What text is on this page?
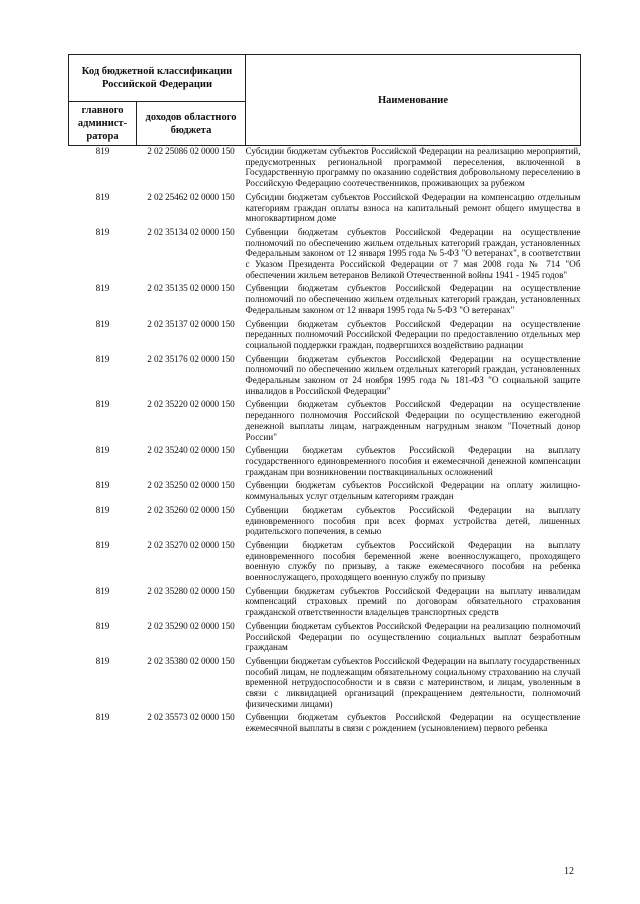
Код бюджетной классификации Российской Федерации		Наименование
главного админист-ратора	доходов областного бюджета	
819	2 02 25086 02 0000 150	Субсидии бюджетам субъектов Российской Федерации на реализацию мероприятий, предусмотренных региональной программой переселения, включенной в Государственную программу по оказанию содействия добровольному переселению в Российскую Федерацию соотечественников, проживающих за рубежом
819	2 02 25462 02 0000 150	Субсидии бюджетам субъектов Российской Федерации на компенсацию отдельным категориям граждан оплаты взноса на капитальный ремонт общего имущества в многоквартирном доме
819	2 02 35134 02 0000 150	Субвенции бюджетам субъектов Российской Федерации на осуществление полномочий по обеспечению жильем отдельных категорий граждан, установленных Федеральным законом от 12 января 1995 года № 5-ФЗ "О ветеранах", в соответствии с Указом Президента Российской Федерации от 7 мая 2008 года № 714 "Об обеспечении жильем ветеранов Великой Отечественной войны 1941 - 1945 годов"
819	2 02 35135 02 0000 150	Субвенции бюджетам субъектов Российской Федерации на осуществление полномочий по обеспечению жильем отдельных категорий граждан, установленных Федеральным законом от 12 января 1995 года № 5-ФЗ "О ветеранах"
819	2 02 35137 02 0000 150	Субвенции бюджетам субъектов Российской Федерации на осуществление переданных полномочий Российской Федерации по предоставлению отдельных мер социальной поддержки граждан, подвергшихся воздействию радиации
819	2 02 35176 02 0000 150	Субвенции бюджетам субъектов Российской Федерации на осуществление полномочий по обеспечению жильем отдельных категорий граждан, установленных Федеральным законом от 24 ноября 1995 года № 181-ФЗ "О социальной защите инвалидов в Российской Федерации"
819	2 02 35220 02 0000 150	Субвенции бюджетам субъектов Российской Федерации на осуществление переданного полномочия Российской Федерации по осуществлению ежегодной денежной выплаты лицам, награжденным нагрудным знаком "Почетный донор России"
819	2 02 35240 02 0000 150	Субвенции бюджетам субъектов Российской Федерации на выплату государственного единовременного пособия и ежемесячной денежной компенсации гражданам при возникновении поствакцинальных осложнений
819	2 02 35250 02 0000 150	Субвенции бюджетам субъектов Российской Федерации на оплату жилищно-коммунальных услуг отдельным категориям граждан
819	2 02 35260 02 0000 150	Субвенции бюджетам субъектов Российской Федерации на выплату единовременного пособия при всех формах устройства детей, лишенных родительского попечения, в семью
819	2 02 35270 02 0000 150	Субвенции бюджетам субъектов Российской Федерации на выплату единовременного пособия беременной жене военнослужащего, проходящего военную службу по призыву, а также ежемесячного пособия на ребенка военнослужащего, проходящего военную службу по призыву
819	2 02 35280 02 0000 150	Субвенции бюджетам субъектов Российской Федерации на выплату инвалидам компенсаций страховых премий по договорам обязательного страхования гражданской ответственности владельцев транспортных средств
819	2 02 35290 02 0000 150	Субвенции бюджетам субъектов Российской Федерации на реализацию полномочий Российской Федерации по осуществлению социальных выплат безработным гражданам
819	2 02 35380 02 0000 150	Субвенции бюджетам субъектов Российской Федерации на выплату государственных пособий лицам, не подлежащим обязательному социальному страхованию на случай временной нетрудоспособности и в связи с материнством, и лицам, уволенным в связи с ликвидацией организаций (прекращением деятельности, полномочий физическими лицами)
819	2 02 35573 02 0000 150	Субвенции бюджетам субъектов Российской Федерации на осуществление ежемесячной выплаты в связи с рождением (усыновлением) первого ребенка
12
